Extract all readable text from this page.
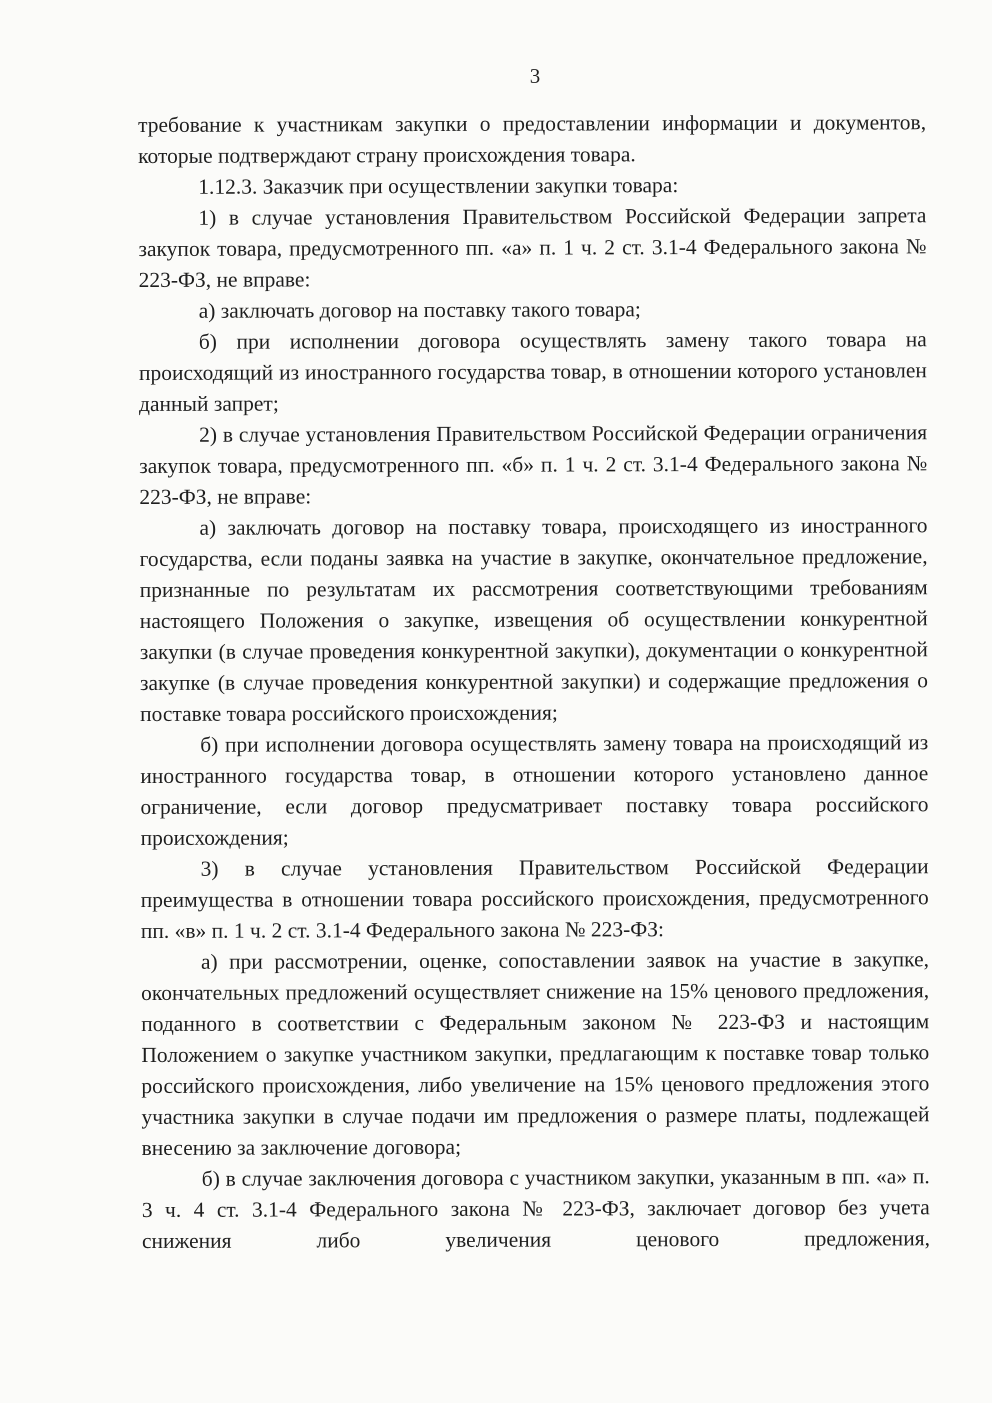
3

требование к участникам закупки о предоставлении информации и документов, которые подтверждают страну происхождения товара.

1.12.3. Заказчик при осуществлении закупки товара:

1) в случае установления Правительством Российской Федерации запрета закупок товара, предусмотренного пп. «а» п. 1 ч. 2 ст. 3.1-4 Федерального закона № 223-ФЗ, не вправе:

а) заключать договор на поставку такого товара;

б) при исполнении договора осуществлять замену такого товара на происходящий из иностранного государства товар, в отношении которого установлен данный запрет;

2) в случае установления Правительством Российской Федерации ограничения закупок товара, предусмотренного пп. «б» п. 1 ч. 2 ст. 3.1-4 Федерального закона № 223-ФЗ, не вправе:

а) заключать договор на поставку товара, происходящего из иностранного государства, если поданы заявка на участие в закупке, окончательное предложение, признанные по результатам их рассмотрения соответствующими требованиям настоящего Положения о закупке, извещения об осуществлении конкурентной закупки (в случае проведения конкурентной закупки), документации о конкурентной закупке (в случае проведения конкурентной закупки) и содержащие предложения о поставке товара российского происхождения;

б) при исполнении договора осуществлять замену товара на происходящий из иностранного государства товар, в отношении которого установлено данное ограничение, если договор предусматривает поставку товара российского происхождения;

3) в случае установления Правительством Российской Федерации преимущества в отношении товара российского происхождения, предусмотренного пп. «в» п. 1 ч. 2 ст. 3.1-4 Федерального закона № 223-ФЗ:

а) при рассмотрении, оценке, сопоставлении заявок на участие в закупке, окончательных предложений осуществляет снижение на 15% ценового предложения, поданного в соответствии с Федеральным законом № 223-ФЗ и настоящим Положением о закупке участником закупки, предлагающим к поставке товар только российского происхождения, либо увеличение на 15% ценового предложения этого участника закупки в случае подачи им предложения о размере платы, подлежащей внесению за заключение договора;

б) в случае заключения договора с участником закупки, указанным в пп. «а» п. 3 ч. 4 ст. 3.1-4 Федерального закона № 223-ФЗ, заключает договор без учета снижения либо увеличения ценового предложения,
